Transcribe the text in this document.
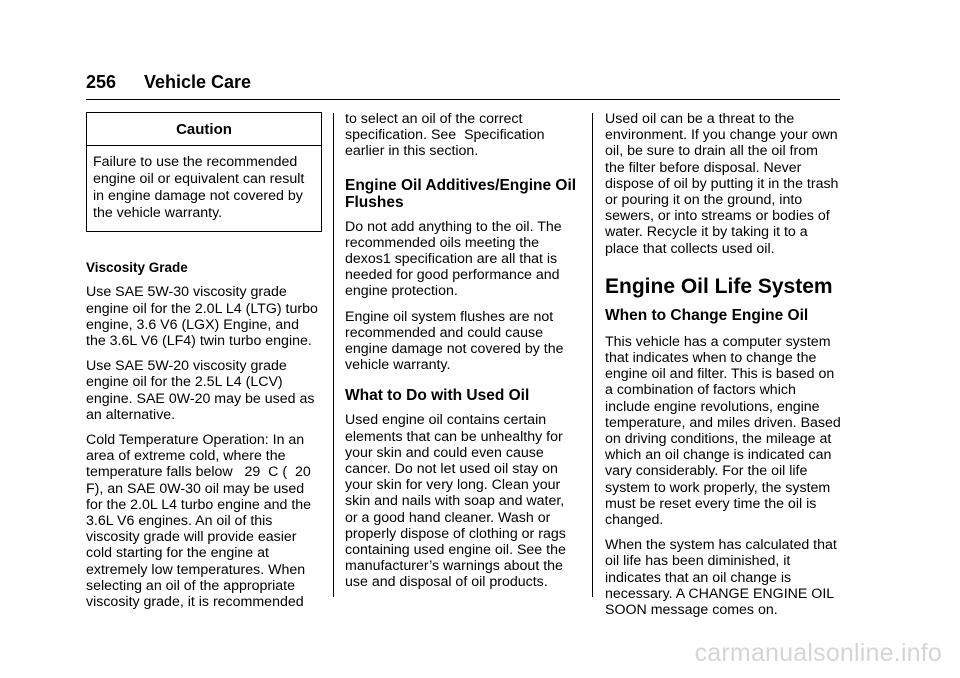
256	Vehicle Care
Caution
Failure to use the recommended engine oil or equivalent can result in engine damage not covered by the vehicle warranty.
Viscosity Grade

Use SAE 5W-30 viscosity grade engine oil for the 2.0L L4 (LTG) turbo engine, 3.6 V6 (LGX) Engine, and the 3.6L V6 (LF4) twin turbo engine.

Use SAE 5W-20 viscosity grade engine oil for the 2.5L L4 (LCV) engine. SAE 0W-20 may be used as an alternative.

Cold Temperature Operation: In an area of extreme cold, where the temperature falls below   29  C (  20  F), an SAE 0W-30 oil may be used for the 2.0L L4 turbo engine and the 3.6L V6 engines. An oil of this viscosity grade will provide easier cold starting for the engine at extremely low temperatures. When selecting an oil of the appropriate viscosity grade, it is recommended

to select an oil of the correct specification. See  Specification earlier in this section.

Engine Oil Additives/Engine Oil Flushes

Do not add anything to the oil. The recommended oils meeting the dexos1 specification are all that is needed for good performance and engine protection.

Engine oil system flushes are not recommended and could cause engine damage not covered by the vehicle warranty.

What to Do with Used Oil

Used engine oil contains certain elements that can be unhealthy for your skin and could even cause cancer. Do not let used oil stay on your skin for very long. Clean your skin and nails with soap and water, or a good hand cleaner. Wash or properly dispose of clothing or rags containing used engine oil. See the manufacturer’s warnings about the use and disposal of oil products.

Used oil can be a threat to the environment. If you change your own oil, be sure to drain all the oil from the filter before disposal. Never dispose of oil by putting it in the trash or pouring it on the ground, into sewers, or into streams or bodies of water. Recycle it by taking it to a place that collects used oil.

Engine Oil Life System
When to Change Engine Oil

This vehicle has a computer system that indicates when to change the engine oil and filter. This is based on a combination of factors which include engine revolutions, engine temperature, and miles driven. Based on driving conditions, the mileage at which an oil change is indicated can vary considerably. For the oil life system to work properly, the system must be reset every time the oil is changed.

When the system has calculated that oil life has been diminished, it indicates that an oil change is necessary. A CHANGE ENGINE OIL SOON message comes on.

carmanualsonline.info
